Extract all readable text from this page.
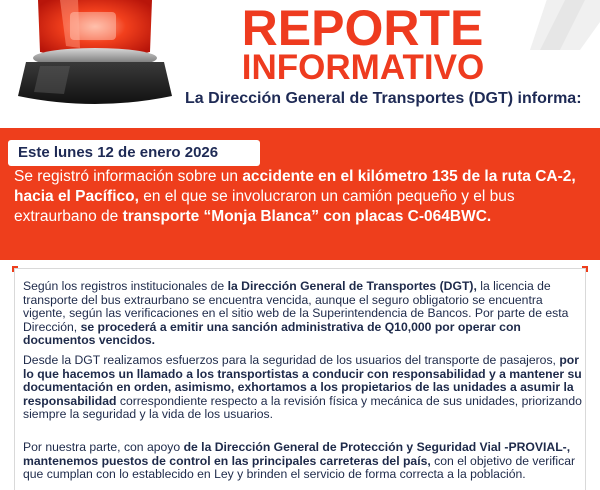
REPORTE
INFORMATIVO
La Dirección General de Transportes (DGT) informa:
Este lunes 12 de enero 2026
Se registró información sobre un accidente en el kilómetro 135 de la ruta CA-2, hacia el Pacífico, en el que se involucraron un camión pequeño y el bus extraurbano de transporte “Monja Blanca” con placas C-064BWC.
Según los registros institucionales de la Dirección General de Transportes (DGT), la licencia de transporte del bus extraurbano se encuentra vencida, aunque el seguro obligatorio se encuentra vigente, según las verificaciones en el sitio web de la Superintendencia de Bancos. Por parte de esta Dirección, se procederá a emitir una sanción administrativa de Q10,000 por operar con documentos vencidos.
Desde la DGT realizamos esfuerzos para la seguridad de los usuarios del transporte de pasajeros, por lo que hacemos un llamado a los transportistas a conducir con responsabilidad y a mantener su documentación en orden, asimismo, exhortamos a los propietarios de las unidades a asumir la responsabilidad correspondiente respecto a la revisión física y mecánica de sus unidades, priorizando siempre la seguridad y la vida de los usuarios.
Por nuestra parte, con apoyo de la Dirección General de Protección y Seguridad Vial -PROVIAL-, mantenemos puestos de control en las principales carreteras del país, con el objetivo de verificar que cumplan con lo establecido en Ley y brinden el servicio de forma correcta a la población.
